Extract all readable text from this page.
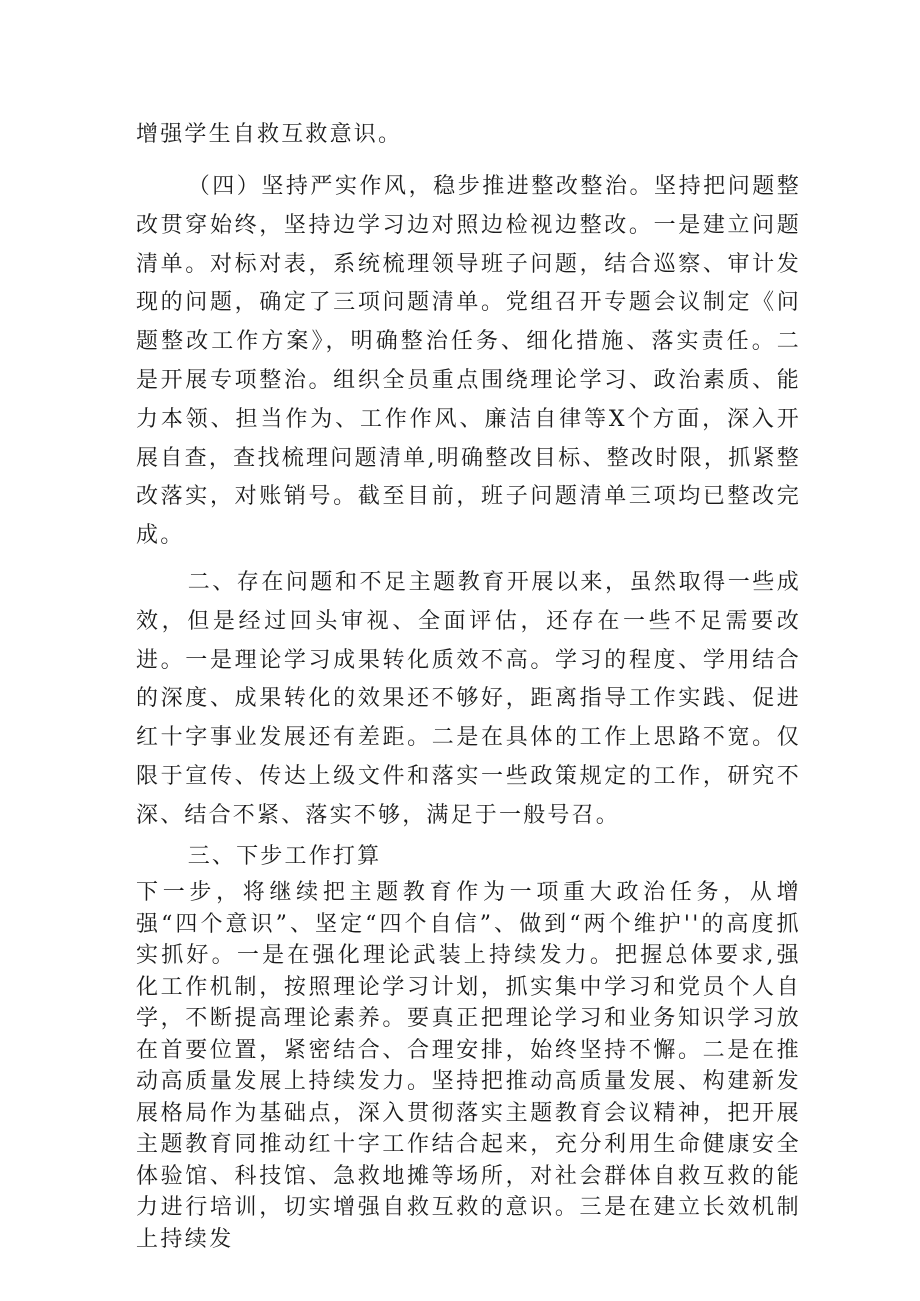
增强学生自救互救意识。

（四）坚持严实作风，稳步推进整改整治。坚持把问题整改贯穿始终，坚持边学习边对照边检视边整改。一是建立问题清单。对标对表，系统梳理领导班子问题，结合巡察、审计发现的问题，确定了三项问题清单。党组召开专题会议制定《问题整改工作方案》，明确整治任务、细化措施、落实责任。二是开展专项整治。组织全员重点围绕理论学习、政治素质、能力本领、担当作为、工作作风、廉洁自律等X个方面，深入开展自查，查找梳理问题清单,明确整改目标、整改时限，抓紧整改落实，对账销号。截至目前，班子问题清单三项均已整改完成。

二、存在问题和不足主题教育开展以来，虽然取得一些成效，但是经过回头审视、全面评估，还存在一些不足需要改进。一是理论学习成果转化质效不高。学习的程度、学用结合的深度、成果转化的效果还不够好，距离指导工作实践、促进红十字事业发展还有差距。二是在具体的工作上思路不宽。仅限于宣传、传达上级文件和落实一些政策规定的工作，研究不深、结合不紧、落实不够，满足于一般号召。

三、下步工作打算

下一步，将继续把主题教育作为一项重大政治任务，从增强“四个意识”、坚定“四个自信”、做到“两个维护''的高度抓实抓好。一是在强化理论武装上持续发力。把握总体要求,强化工作机制，按照理论学习计划，抓实集中学习和党员个人自学，不断提高理论素养。要真正把理论学习和业务知识学习放在首要位置，紧密结合、合理安排，始终坚持不懈。二是在推动高质量发展上持续发力。坚持把推动高质量发展、构建新发展格局作为基础点，深入贯彻落实主题教育会议精神，把开展主题教育同推动红十字工作结合起来，充分利用生命健康安全体验馆、科技馆、急救地摊等场所，对社会群体自救互救的能力进行培训，切实增强自救互救的意识。三是在建立长效机制上持续发
